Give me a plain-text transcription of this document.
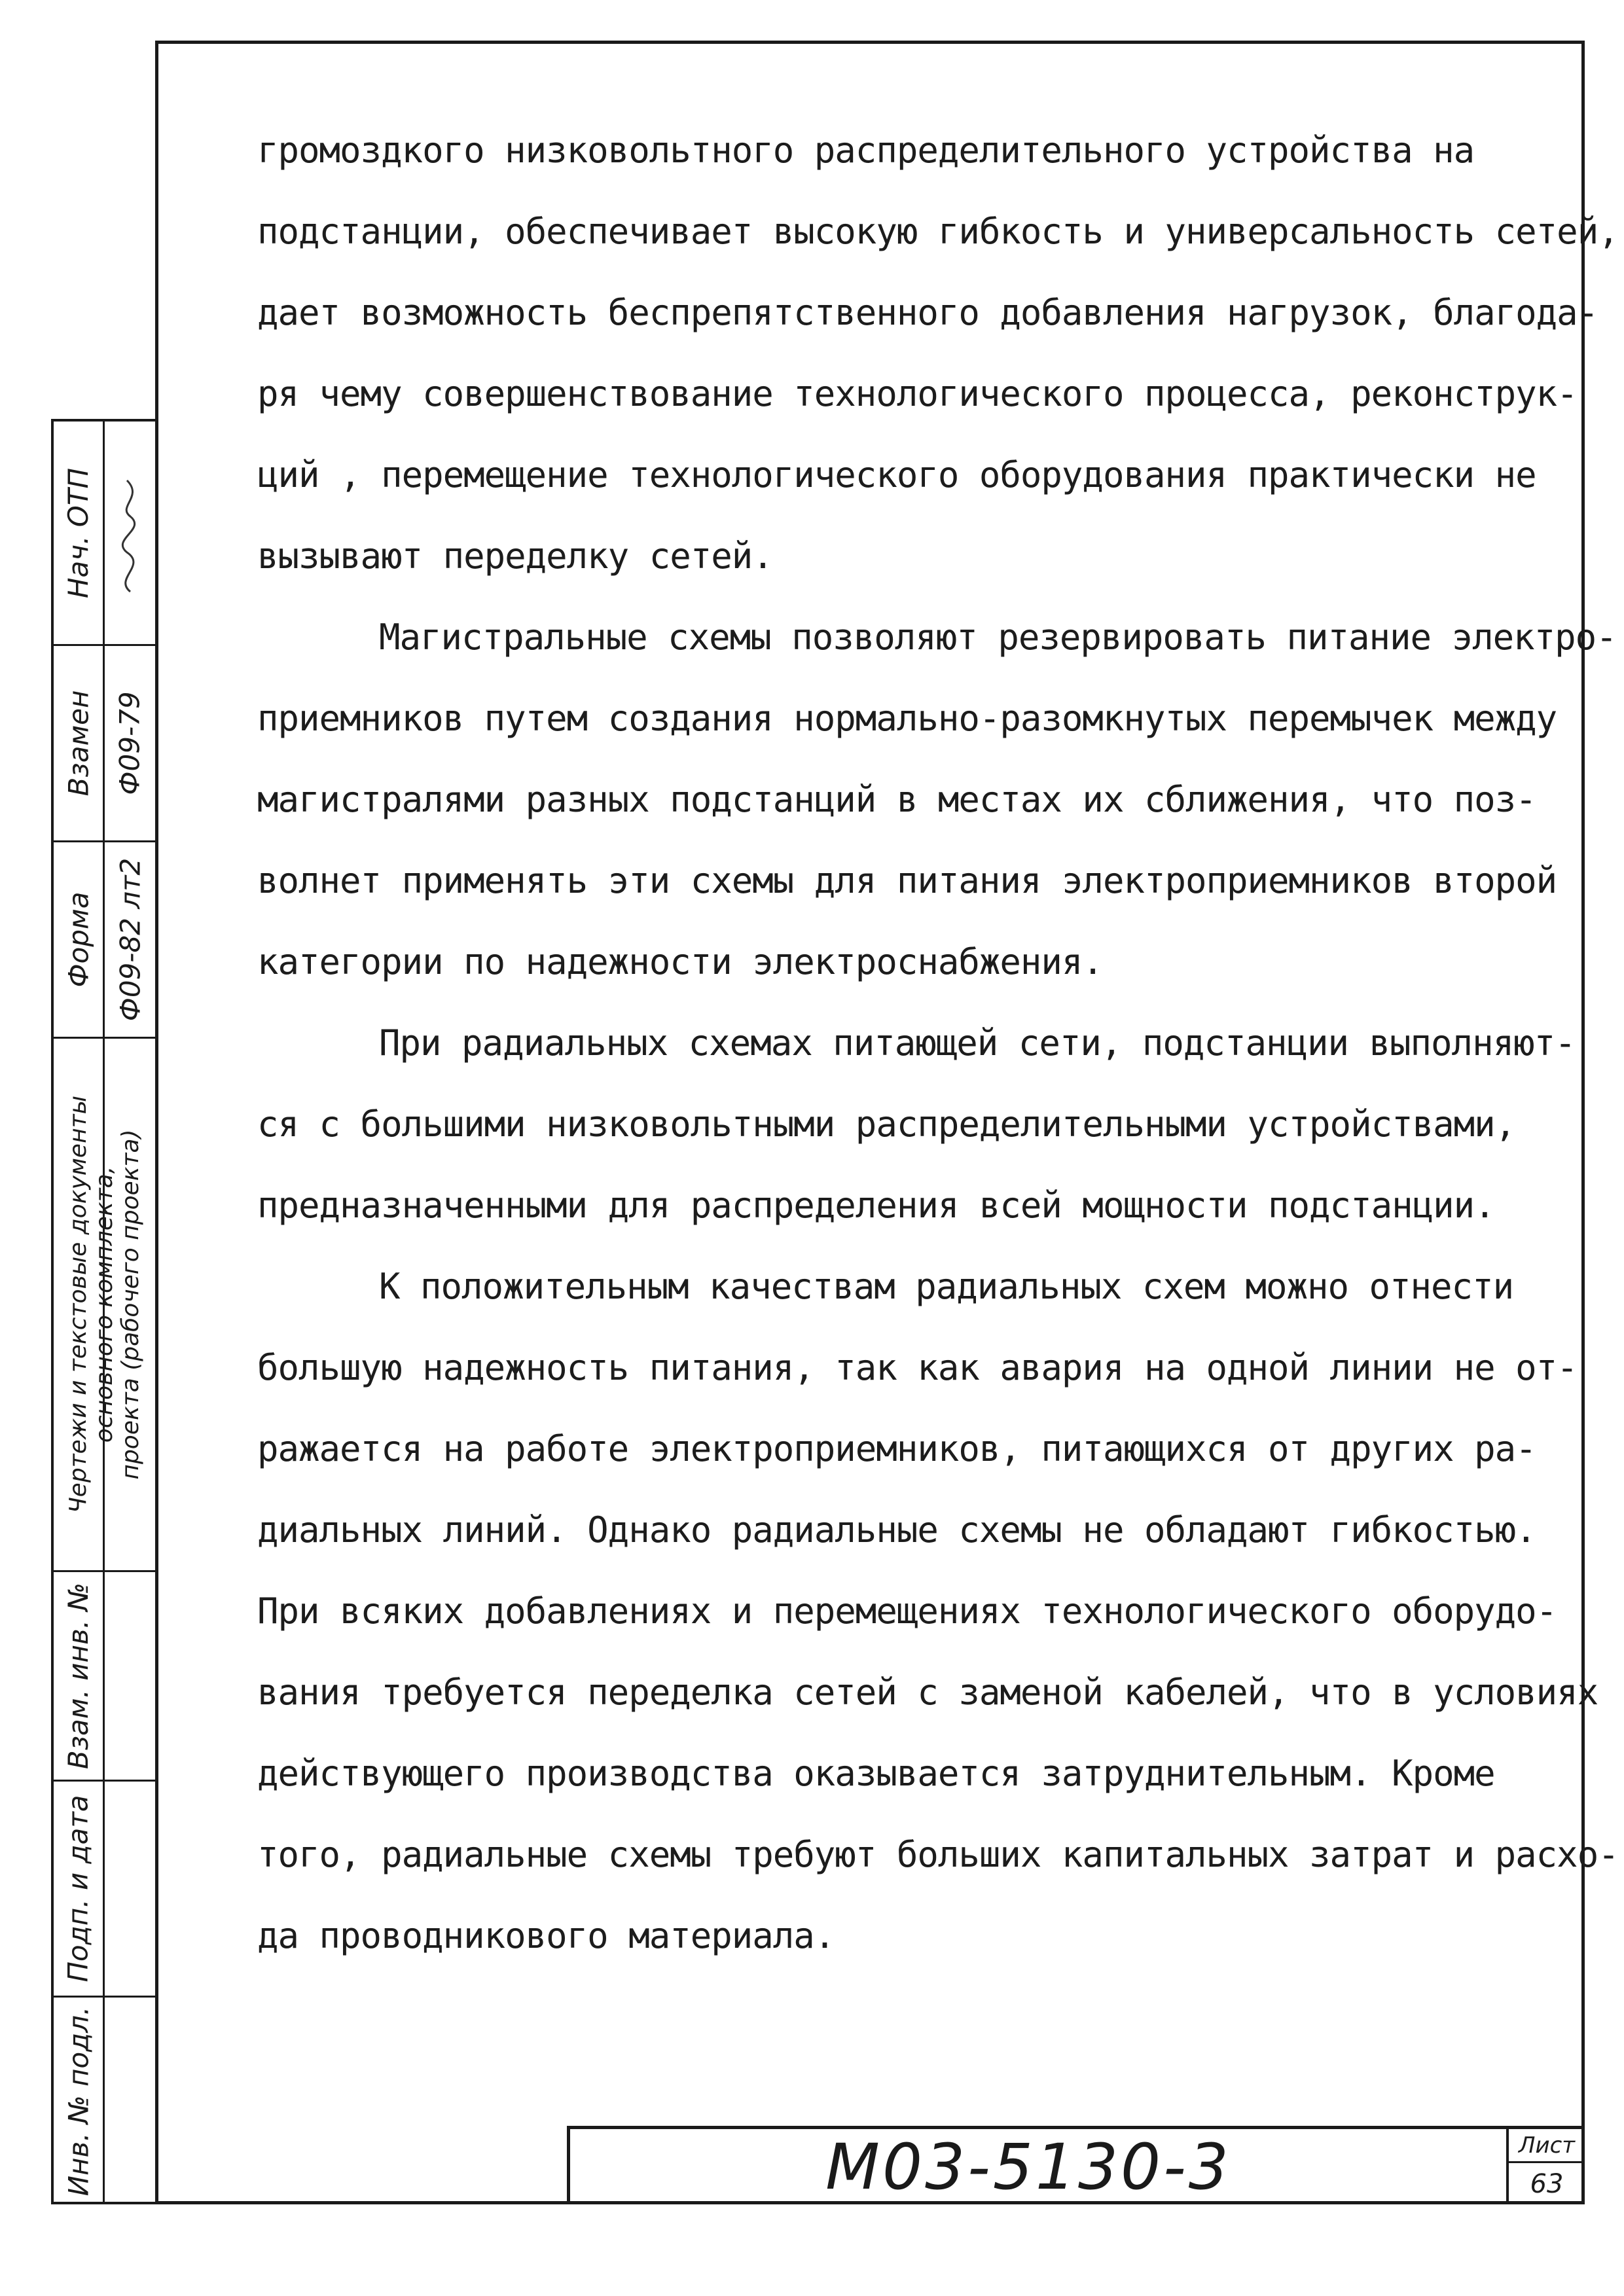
громоздкого низковольтного распределительного устройства на
подстанции, обеспечивает высокую гибкость и универсальность сетей,
дает возможность беспрепятственного добавления нагрузок, благода-
ря чему совершенствование технологического процесса, реконструк-
ций , перемещение технологического оборудования практически не
вызывают переделку сетей.

Магистральные схемы позволяют резервировать питание электро-
приемников путем создания нормально-разомкнутых перемычек между
магистралями разных подстанций в местах их сближения, что поз-
волнет применять эти схемы для питания электроприемников второй
категории по надежности электроснабжения.

При радиальных схемах питающей сети, подстанции выполняют-
ся с большими низковольтными распределительными устройствами,
предназначенными для распределения всей мощности подстанции.

К положительным качествам радиальных схем можно отнести
большую надежность питания, так как авария на одной линии не от-
ражается на работе электроприемников, питающихся от других ра-
диальных линий. Однако радиальные схемы не обладают гибкостью.
При всяких добавлениях и перемещениях технологического оборудо-
вания требуется переделка сетей с заменой кабелей, что в условиях
действующего производства оказывается затруднительным. Кроме
того, радиальные схемы требуют больших капитальных затрат и расхо-
да проводникового материала.

Нач. ОТП
Взамен Ф09-79
Форма Ф09-82 лт2
Чертежи и текстовые документы основного комплекта, проекта (рабочего проекта)
Взам. инв. №
Подп. и дата
Инв. № подл.	М03-5130-3	Лист
63
